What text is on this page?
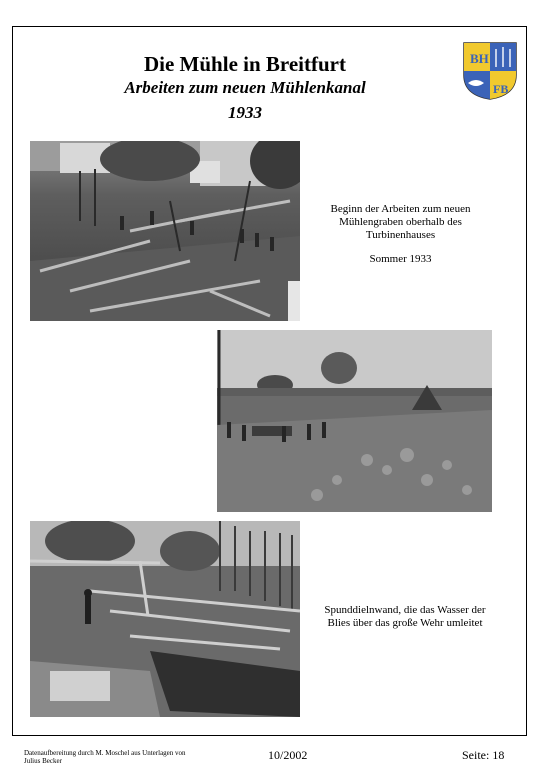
Die Mühle in Breitfurt
Arbeiten zum neuen Mühlenkanal
1933
BH
FB
Beginn der Arbeiten zum neuen
Mühlengraben oberhalb des
Turbinenhauses
Sommer 1933
Spunddielnwand, die das Wasser der
Blies über das große Wehr umleitet
Datenaufbereitung durch M. Moschel aus Unterlagen von
Julius Becker	10/2002	Seite: 18
